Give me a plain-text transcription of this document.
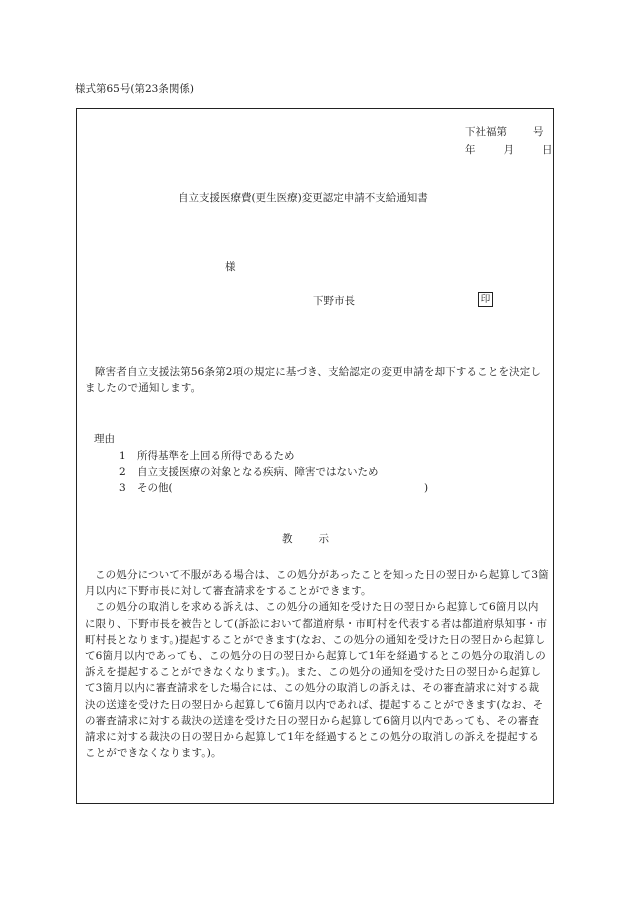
様式第65号(第23条関係)
下社福第 号
年	月	日
自立支援医療費(更生医療)変更認定申請不支給通知書
様
下野市長	印
障害者自立支援法第56条第2項の規定に基づき、支給認定の変更申請を却下することを決定しましたので通知します。
理由
1 所得基準を上回る所得であるため
2 自立支援医療の対象となる疾病、障害ではないため
3 その他(	)
教示

この処分について不服がある場合は、この処分があったことを知った日の翌日から起算して3箇月以内に下野市長に対して審査請求をすることができます。

この処分の取消しを求める訴えは、この処分の通知を受けた日の翌日から起算して6箇月以内に限り、下野市長を被告として(訴訟において都道府県・市町村を代表する者は都道府県知事・市町村長となります。)提起することができます(なお、この処分の通知を受けた日の翌日から起算して6箇月以内であっても、この処分の日の翌日から起算して1年を経過するとこの処分の取消しの訴えを提起することができなくなります。)。また、この処分の通知を受けた日の翌日から起算して3箇月以内に審査請求をした場合には、この処分の取消しの訴えは、その審査請求に対する裁決の送達を受けた日の翌日から起算して6箇月以内であれば、提起することができます(なお、その審査請求に対する裁決の送達を受けた日の翌日から起算して6箇月以内であっても、その審査請求に対する裁決の日の翌日から起算して1年を経過するとこの処分の取消しの訴えを提起することができなくなります。)。
